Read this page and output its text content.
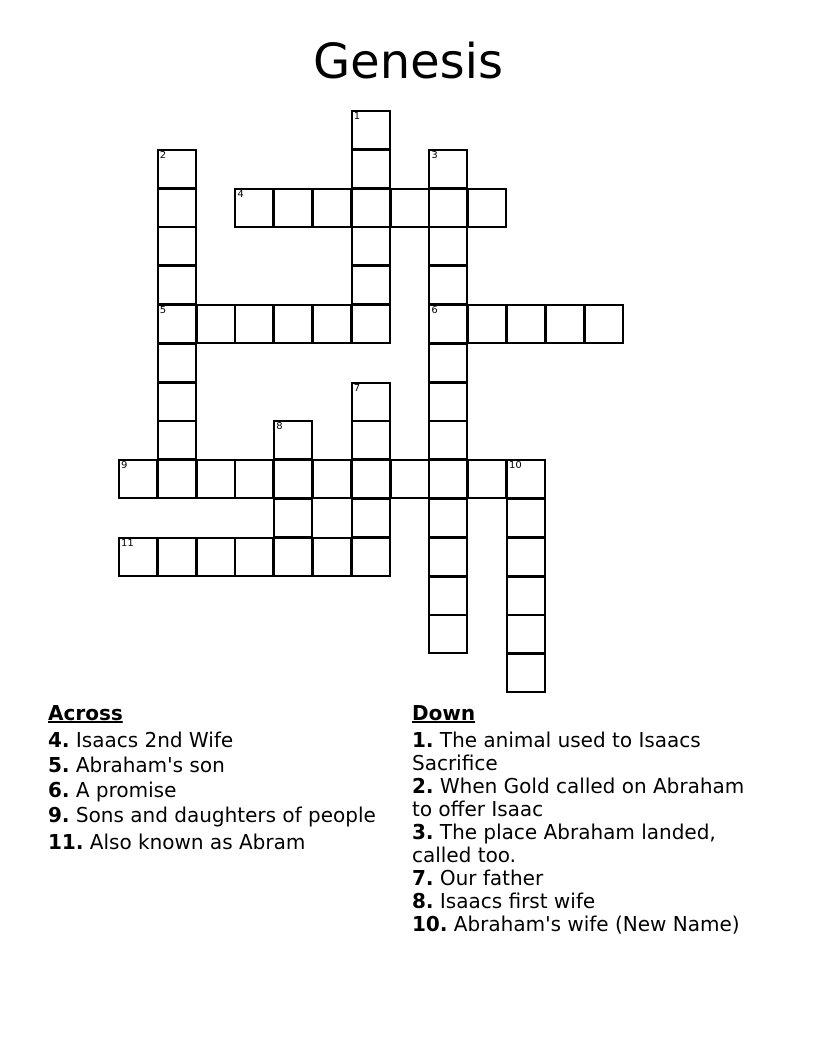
Genesis
1
2
5
3
6
4
7
8
9	10
11
Across
4. Isaacs 2nd Wife
5. Abraham's son
6. A promise
9. Sons and daughters of people
11. Also known as Abram
Down
1. The animal used to Isaacs Sacrifice
2. When Gold called on Abraham to offer Isaac
3. The place Abraham landed, called too.
7. Our father
8. Isaacs first wife
10. Abraham's wife (New Name)
